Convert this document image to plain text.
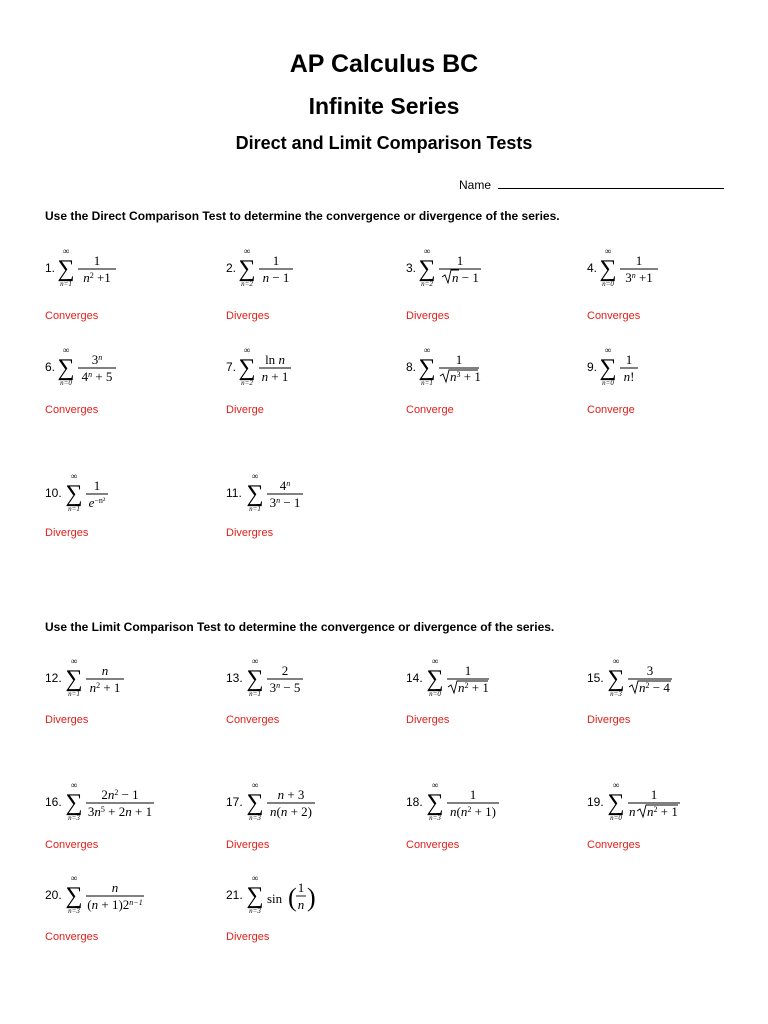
AP Calculus BC
Infinite Series
Direct and Limit Comparison Tests
Name
Use the Direct Comparison Test to determine the convergence or divergence of the series.
Use the Limit Comparison Test to determine the convergence or divergence of the series.
1.
∞
∑
n=1
1
$n^2 +1$
Converges
2.
∞
∑
n=2
1
n − 1
Diverges
3.
∞
∑
n=2
1
n − 1
Diverges
4.
∞
∑
n=0
1
$3^n +1$
Converges
6.
∞
∑
n=0
3$^n$
$4^n + 5$
Converges
7.
∞
∑
n=2
ln n
n + 1
Diverge
8.
∞
∑
n=1
1
$n^3 + 1$
Converge
9.
∞
∑
n=0
1
n!
Converge
10.
∞
∑
n=1
1
$e^{-n^2}$
Diverges
11.
∞
∑
n=1
4$^n$
$3^n - 1$
Divergres
12.
∞
∑
n=1
n
$n^2 + 1$
Diverges
13.
∞
∑
n=1
2
$3^n - 5$
Converges
14.
∞
∑
n=0
1
$n^2 + 1$
Diverges
15.
∞
∑
n=3
3
$n^2 - 4$
Diverges
16.
∞
∑
n=3
$2n^2 - 1$
$3n^5 + 2n + 1$
Converges
17.
∞
∑
n=3
n + 3
n(n + 2)
Diverges
18.
∞
∑
n=3
1
$n(n^2 + 1)$
Converges
19.
∞
∑
n=0
1
n $n^2 + 1$
Converges
20.
∞
∑
n=3
n
$(n + 1)2^{n-1}$
Converges
21.
∞
∑
n=3
sin ( 1
n )
Diverges
